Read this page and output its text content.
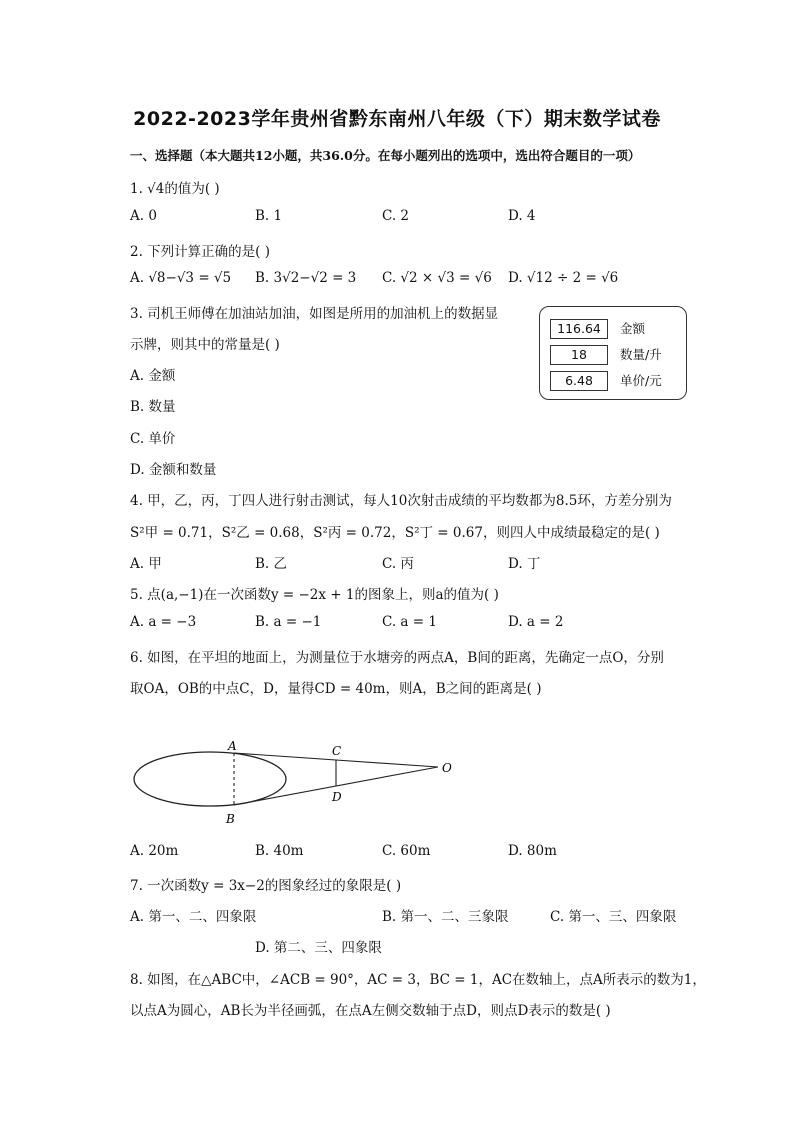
2022-2023学年贵州省黔东南州八年级（下）期末数学试卷
一、选择题（本大题共12小题，共36.0分。在每小题列出的选项中，选出符合题目的一项）
1. √4的值为( )
A. 0	B. 1	C. 2	D. 4
2. 下列计算正确的是( )
A. √8−√3 = √5 B. 3√2−√2 = 3 C. √2 × √3 = √6 D. √12 ÷ 2 = √6
3. 司机王师傅在加油站加油，如图是所用的加油机上的数据显
示牌，则其中的常量是( )
A. 金额
B. 数量
C. 单价
D. 金额和数量
116.64	金额
18	数量/升
6.48	单价/元
4. 甲，乙，丙，丁四人进行射击测试，每人10次射击成绩的平均数都为8.5环，方差分别为
S²甲 = 0.71，S²乙 = 0.68，S²丙 = 0.72，S²丁 = 0.67，则四人中成绩最稳定的是( )
A. 甲	B. 乙	C. 丙	D. 丁
5. 点(a,−1)在一次函数y = −2x + 1的图象上，则a的值为( )
A. a = −3	B. a = −1	C. a = 1	D. a = 2
6. 如图，在平坦的地面上，为测量位于水塘旁的两点A，B间的距离，先确定一点O，分别
取OA，OB的中点C，D，量得CD = 40m，则A，B之间的距离是( )
A
B
C
D
O
A. 20m	B. 40m	C. 60m	D. 80m
7. 一次函数y = 3x−2的图象经过的象限是( )
A. 第一、二、四象限	B. 第一、二、三象限	C. 第一、三、四象限
D. 第二、三、四象限
8. 如图，在△ABC中，∠ACB = 90°，AC = 3，BC = 1，AC在数轴上，点A所表示的数为1，
以点A为圆心，AB长为半径画弧，在点A左侧交数轴于点D，则点D表示的数是( )
